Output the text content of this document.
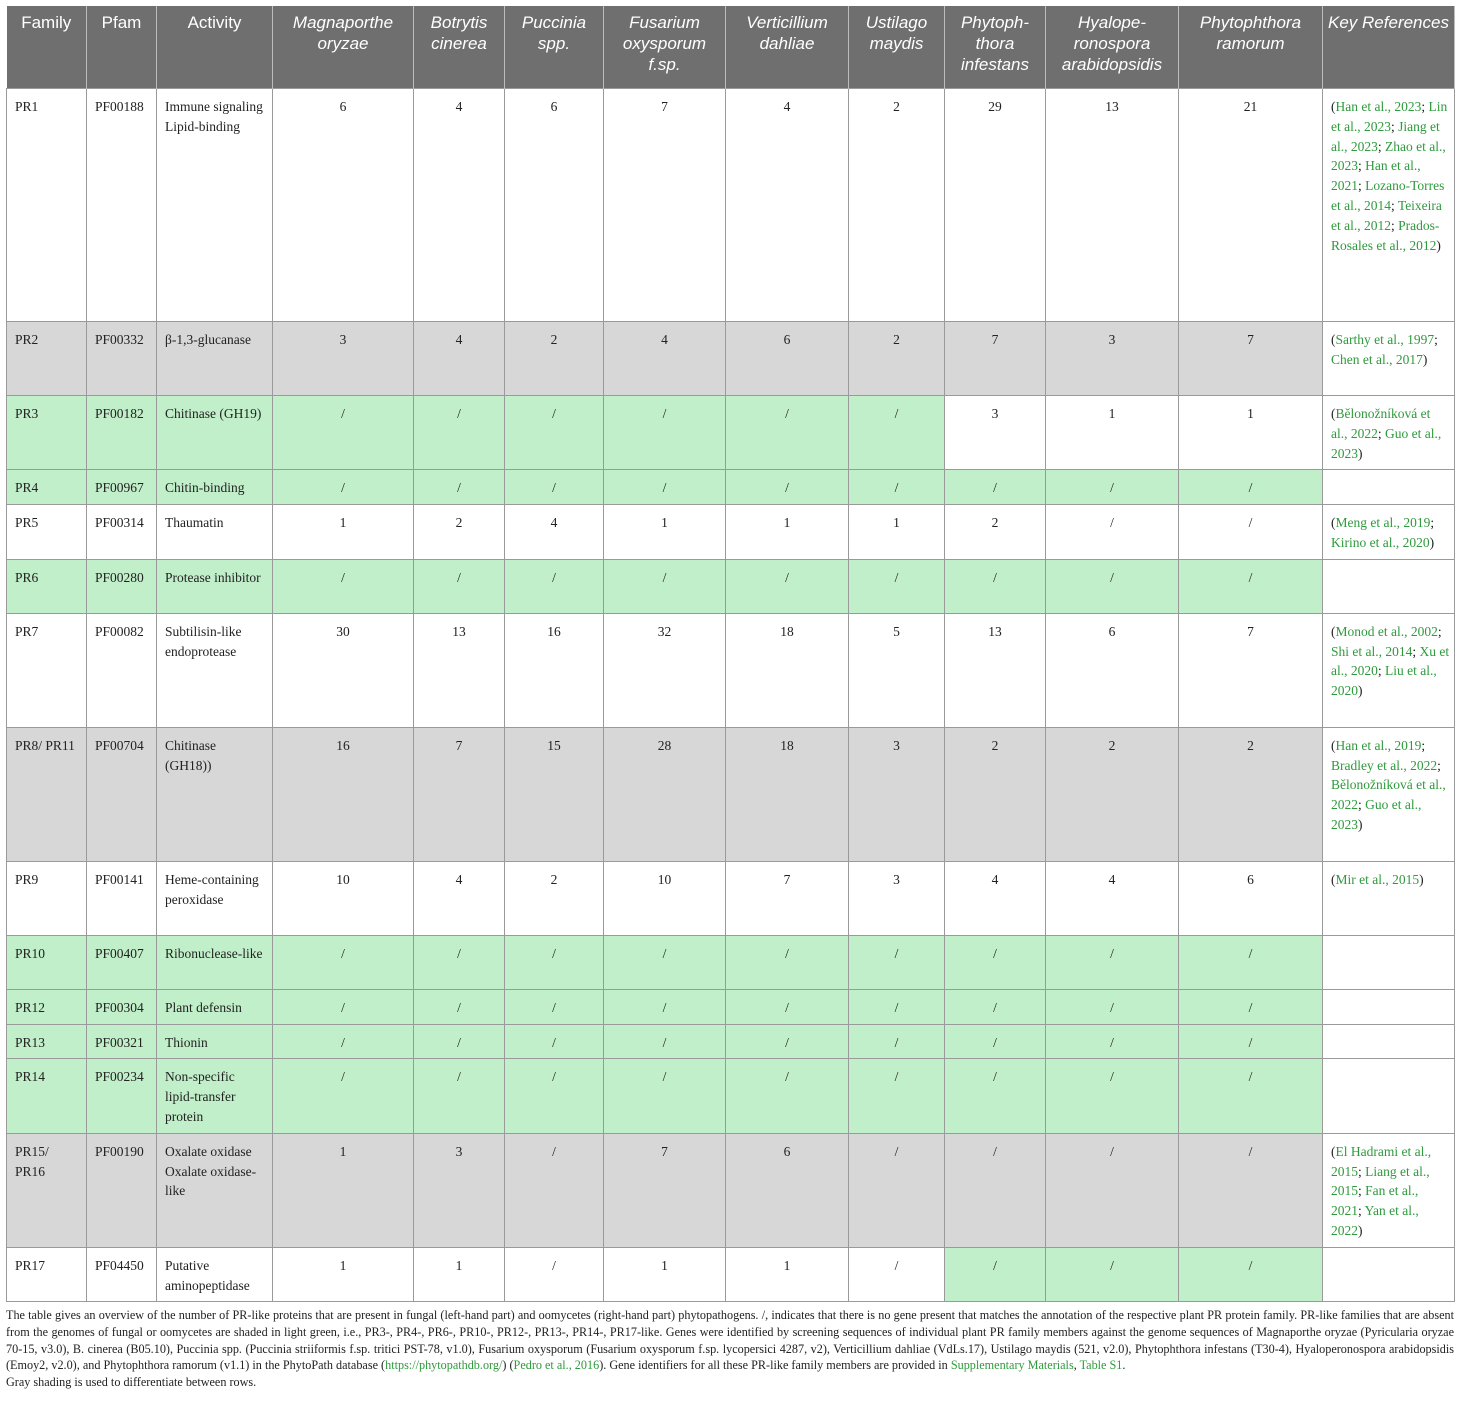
Family	Pfam	Activity	Magnaporthe oryzae	Botrytis cinerea	Puccinia spp.	Fusarium oxysporum f.sp.	Verticillium dahliae	Ustilago maydis	Phytoph-thora infestans	Hyalope-ronospora arabidopsidis	Phytophthora ramorum	Key References
PR1	PF00188	Immune signaling Lipid-binding	6	4	6	7	4	2	29	13	21	(Han et al., 2023; Lin et al., 2023; Jiang et al., 2023; Zhao et al., 2023; Han et al., 2021; Lozano-Torres et al., 2014; Teixeira et al., 2012; Prados-Rosales et al., 2012)
PR2	PF00332	β-1,3-glucanase	3	4	2	4	6	2	7	3	7	(Sarthy et al., 1997; Chen et al., 2017)
PR3	PF00182	Chitinase (GH19)	/	/	/	/	/	/	3	1	1	(Bělonožníková et al., 2022; Guo et al., 2023)
PR4	PF00967	Chitin-binding	/	/	/	/	/	/	/	/	/	
PR5	PF00314	Thaumatin	1	2	4	1	1	1	2	/	/	(Meng et al., 2019; Kirino et al., 2020)
PR6	PF00280	Protease inhibitor	/	/	/	/	/	/	/	/	/	
PR7	PF00082	Subtilisin-like endoprotease	30	13	16	32	18	5	13	6	7	(Monod et al., 2002; Shi et al., 2014; Xu et al., 2020; Liu et al., 2020)
PR8/ PR11	PF00704	Chitinase (GH18))	16	7	15	28	18	3	2	2	2	(Han et al., 2019; Bradley et al., 2022; Bělonožníková et al., 2022; Guo et al., 2023)
PR9	PF00141	Heme-containing peroxidase	10	4	2	10	7	3	4	4	6	(Mir et al., 2015)
PR10	PF00407	Ribonuclease-like	/	/	/	/	/	/	/	/	/	
PR12	PF00304	Plant defensin	/	/	/	/	/	/	/	/	/	
PR13	PF00321	Thionin	/	/	/	/	/	/	/	/	/	
PR14	PF00234	Non-specific lipid-transfer protein	/	/	/	/	/	/	/	/	/	
PR15/ PR16	PF00190	Oxalate oxidase Oxalate oxidase-like	1	3	/	7	6	/	/	/	/	(El Hadrami et al., 2015; Liang et al., 2015; Fan et al., 2021; Yan et al., 2022)
PR17	PF04450	Putative aminopeptidase	1	1	/	1	1	/	/	/	/	
The table gives an overview of the number of PR-like proteins that are present in fungal (left-hand part) and oomycetes (right-hand part) phytopathogens. /, indicates that there is no gene present that matches the annotation of the respective plant PR protein family. PR-like families that are absent from the genomes of fungal or oomycetes are shaded in light green, i.e., PR3-, PR4-, PR6-, PR10-, PR12-, PR13-, PR14-, PR17-like. Genes were identified by screening sequences of individual plant PR family members against the genome sequences of Magnaporthe oryzae (Pyricularia oryzae 70-15, v3.0), B. cinerea (B05.10), Puccinia spp. (Puccinia striiformis f.sp. tritici PST-78, v1.0), Fusarium oxysporum (Fusarium oxysporum f.sp. lycopersici 4287, v2), Verticillium dahliae (VdLs.17), Ustilago maydis (521, v2.0), Phytophthora infestans (T30-4), Hyaloperonospora arabidopsidis (Emoy2, v2.0), and Phytophthora ramorum (v1.1) in the PhytoPath database (https://phytopathdb.org/) (Pedro et al., 2016). Gene identifiers for all these PR-like family members are provided in Supplementary Materials, Table S1.
Gray shading is used to differentiate between rows.
